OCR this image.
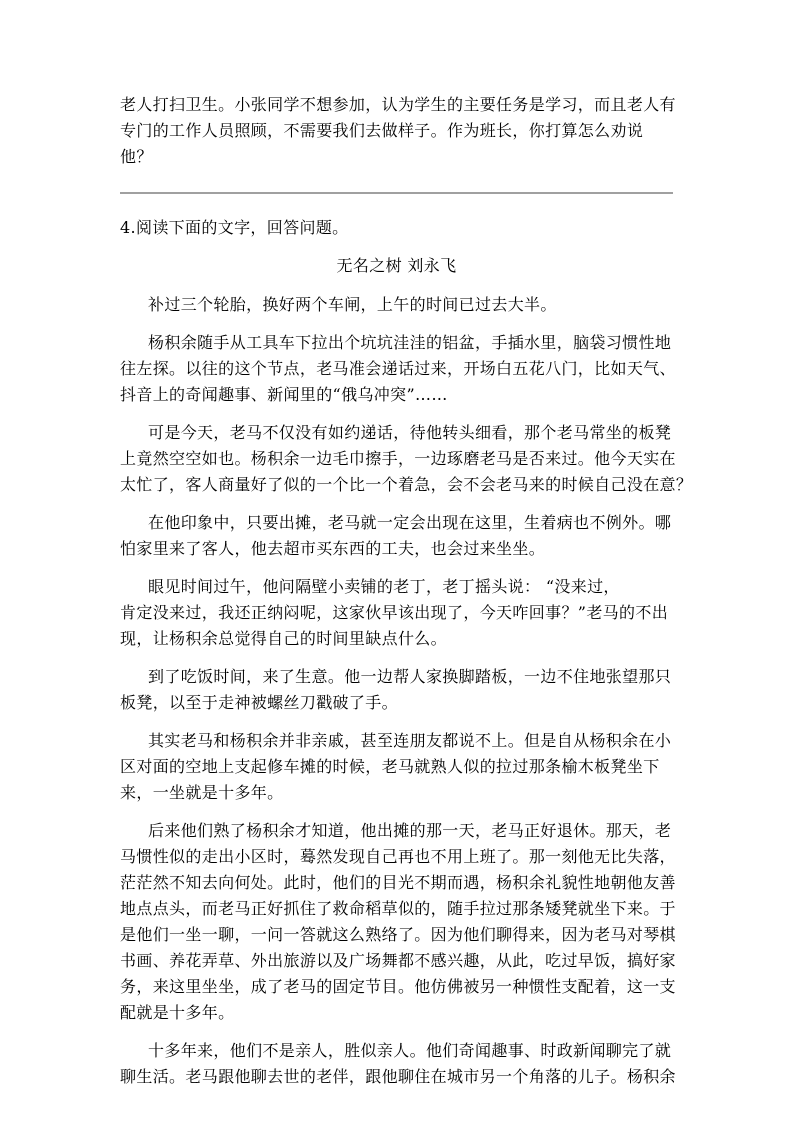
老人打扫卫生。小张同学不想参加，认为学生的主要任务是学习，而且老人有
专门的工作人员照顾，不需要我们去做样子。作为班长，你打算怎么劝说
他？
4.阅读下面的文字，回答问题。
无名之树 刘永飞
补过三个轮胎，换好两个车闸，上午的时间已过去大半。
杨积余随手从工具车下拉出个坑坑洼洼的铝盆，手插水里，脑袋习惯性地
往左探。以往的这个节点，老马准会递话过来，开场白五花八门，比如天气、
抖音上的奇闻趣事、新闻里的“俄乌冲突”……
可是今天，老马不仅没有如约递话，待他转头细看，那个老马常坐的板凳
上竟然空空如也。杨积余一边毛巾擦手，一边琢磨老马是否来过。他今天实在
太忙了，客人商量好了似的一个比一个着急，会不会老马来的时候自己没在意？
在他印象中，只要出摊，老马就一定会出现在这里，生着病也不例外。哪
怕家里来了客人，他去超市买东西的工夫，也会过来坐坐。
眼见时间过午，他问隔壁小卖铺的老丁，老丁摇头说： “没来过，
肯定没来过，我还正纳闷呢，这家伙早该出现了，今天咋回事？”老马的不出
现，让杨积余总觉得自己的时间里缺点什么。
到了吃饭时间，来了生意。他一边帮人家换脚踏板，一边不住地张望那只
板凳，以至于走神被螺丝刀戳破了手。
其实老马和杨积余并非亲戚，甚至连朋友都说不上。但是自从杨积余在小
区对面的空地上支起修车摊的时候，老马就熟人似的拉过那条榆木板凳坐下
来，一坐就是十多年。
后来他们熟了杨积余才知道，他出摊的那一天，老马正好退休。那天，老
马惯性似的走出小区时，蓦然发现自己再也不用上班了。那一刻他无比失落，
茫茫然不知去向何处。此时，他们的目光不期而遇，杨积余礼貌性地朝他友善
地点点头，而老马正好抓住了救命稻草似的，随手拉过那条矮凳就坐下来。于
是他们一坐一聊，一问一答就这么熟络了。因为他们聊得来，因为老马对琴棋
书画、养花弄草、外出旅游以及广场舞都不感兴趣，从此，吃过早饭，搞好家
务，来这里坐坐，成了老马的固定节目。他仿佛被另一种惯性支配着，这一支
配就是十多年。
十多年来，他们不是亲人，胜似亲人。他们奇闻趣事、时政新闻聊完了就
聊生活。老马跟他聊去世的老伴，跟他聊住在城市另一个角落的儿子。杨积余
